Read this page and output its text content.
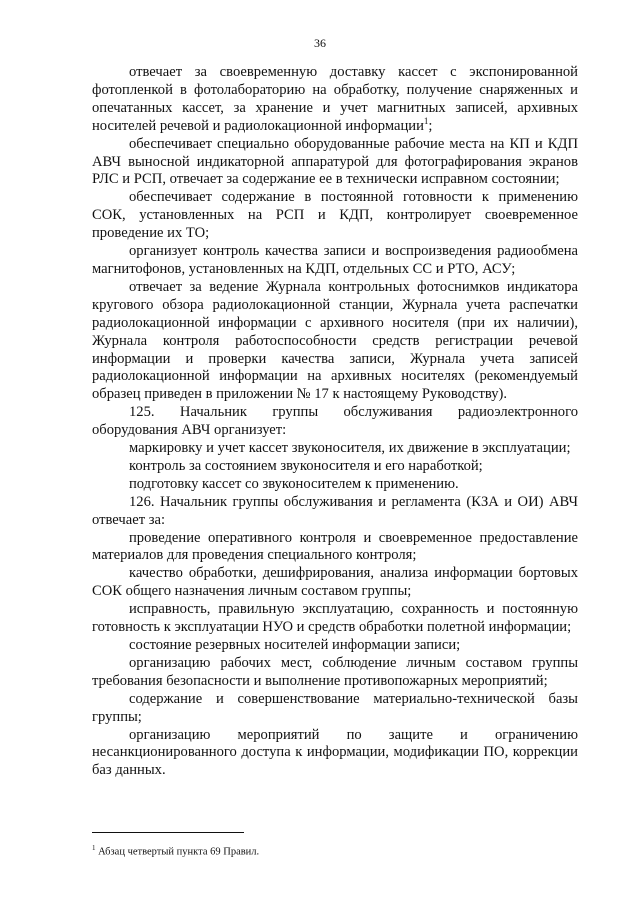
36

отвечает за своевременную доставку кассет с экспонированной фотопленкой в фотолабораторию на обработку, получение снаряженных и опечатанных кассет, за хранение и учет магнитных записей, архивных носителей речевой и радиолокационной информации$^1$;

обеспечивает специально оборудованные рабочие места на КП и КДП АВЧ выносной индикаторной аппаратурой для фотографирования экранов РЛС и РСП, отвечает за содержание ее в технически исправном состоянии;

обеспечивает содержание в постоянной готовности к применению СОК, установленных на РСП и КДП, контролирует своевременное проведение их ТО;

организует контроль качества записи и воспроизведения радиообмена магнитофонов, установленных на КДП, отдельных СС и РТО, АСУ;

отвечает за ведение Журнала контрольных фотоснимков индикатора кругового обзора радиолокационной станции, Журнала учета распечатки радиолокационной информации с архивного носителя (при их наличии), Журнала контроля работоспособности средств регистрации речевой информации и проверки качества записи, Журнала учета записей радиолокационной информации на архивных носителях (рекомендуемый образец приведен в приложении № 17 к настоящему Руководству).

125. Начальник группы обслуживания радиоэлектронного оборудования АВЧ организует:

маркировку и учет кассет звуконосителя, их движение в эксплуатации;

контроль за состоянием звуконосителя и его наработкой;

подготовку кассет со звуконосителем к применению.

126. Начальник группы обслуживания и регламента (КЗА и ОИ) АВЧ отвечает за:

проведение оперативного контроля и своевременное предоставление материалов для проведения специального контроля;

качество обработки, дешифрирования, анализа информации бортовых СОК общего назначения личным составом группы;

исправность, правильную эксплуатацию, сохранность и постоянную готовность к эксплуатации НУО и средств обработки полетной информации;

состояние резервных носителей информации записи;

организацию рабочих мест, соблюдение личным составом группы требования безопасности и выполнение противопожарных мероприятий;

содержание и совершенствование материально-технической базы группы;

организацию мероприятий по защите и ограничению несанкционированного доступа к информации, модификации ПО, коррекции баз данных.

$^1$ Абзац четвертый пункта 69 Правил.
